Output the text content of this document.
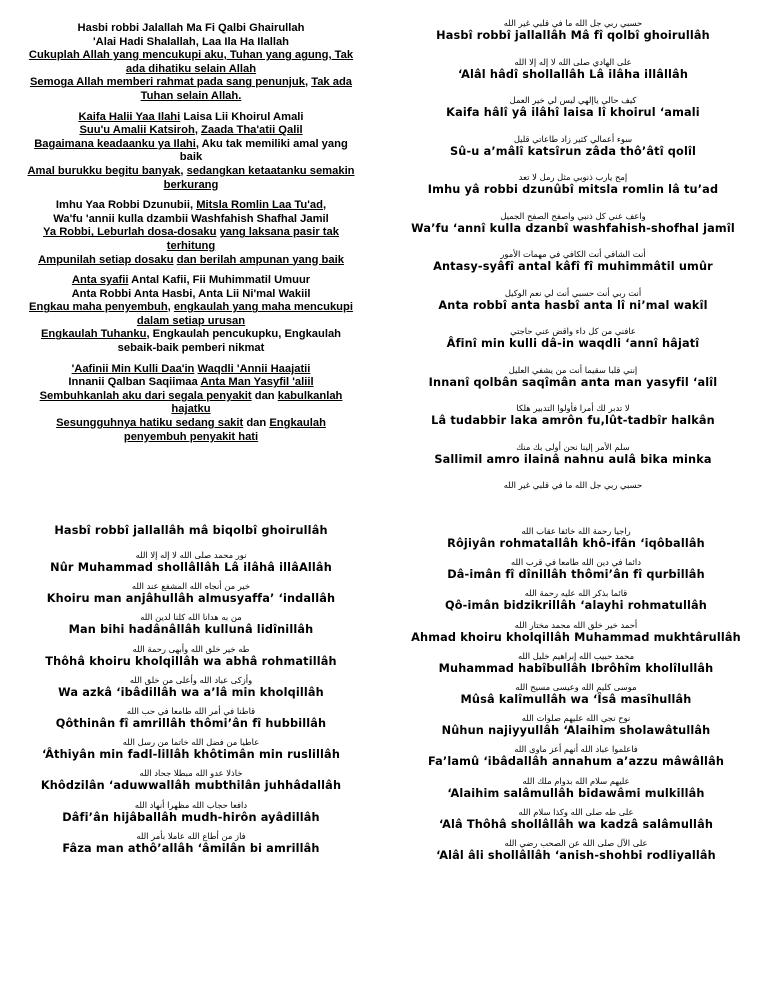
Hasbi robbi Jalallah Ma Fi Qalbi Ghairullah
'Alai Hadi Shalallah, Laa Ila Ha Ilallah
Cukuplah Allah yang mencukupi aku, Tuhan yang agung, Tak
ada dihatiku selain Allah
Semoga Allah memberi rahmat pada sang penunjuk, Tak ada
Tuhan selain Allah.
Kaifa Halii Yaa Ilahi Laisa Lii Khoirul Amali
Suu'u Amalii Katsiroh, Zaada Tha'atii Qalil
Bagaimana keadaanku ya Ilahi, Aku tak memiliki amal yang
baik
Amal burukku begitu banyak, sedangkan ketaatanku semakin
berkurang
Imhu Yaa Robbi Dzunubii, Mitsla Romlin Laa Tu'ad,
Wa'fu 'annii kulla dzambii Washfahish Shafhal Jamil
Ya Robbi, Leburlah dosa-dosaku yang laksana pasir tak
terhitung
Ampunilah setiap dosaku dan berilah ampunan yang baik
Anta syafii Antal Kafii, Fii Muhimmatil Umuur
Anta Robbi Anta Hasbi, Anta Lii Ni'mal Wakiil
Engkau maha penyembuh, engkaulah yang maha mencukupi
dalam setiap urusan
Engkaulah Tuhanku, Engkaulah pencukupku, Engkaulah
sebaik-baik pemberi nikmat
'Aafinii Min Kulli Daa'in Waqdli 'Annii Haajatii
Innanii Qalban Saqiimaa Anta Man Yasyfil 'aliil
Sembuhkanlah aku dari segala penyakit dan kabulkanlah
hajatku
Sesungguhnya hatiku sedang sakit dan Engkaulah
penyembuh penyakit hati
حسبي ربي جل الله ما في قلبي غير الله
Hasbî robbî jallallâh Mâ fî qolbî ghoirullâh
على الهادي صلى الله لا إله إلا الله
‘Alâl hâdî shollallâh Lâ ilâha illâllâh
كيف حالي ياإلهي ليس لي خير العمل
Kaifa hâlî yâ ilâhî laisa lî khoirul ‘amali
سوء أعمالي كثير زاد طاعاتي قليل
Sû-u a’mâlî katsîrun zâda thô’âtî qolîl
إمح يارب ذنوبي مثل رمل لا تعد
Imhu yâ robbi dzunûbî mitsla romlin lâ tu’ad
واعف عني كل ذنبي واصفح الصفح الجميل
Wa’fu ‘annî kulla dzanbî washfahish-shofhal jamîl
أنت الشافي أنت الكافي في مهمات الأمور
Antasy-syâfî antal kâfî fî muhimmâtil umûr
أنت ربي أنت حسبي أنت لي نعم الوكيل
Anta robbî anta hasbî anta lî ni’mal wakîl
عافني من كل داء واقض عني حاجتي
Âfinî min kulli dâ-in waqdli ‘annî hâjatî
إنني قلبا سقيما أنت من يشفي العليل
Innanî qolbân saqîmân anta man yasyfil ‘alîl
لا تدبر لك أمرا فأولوا التدبير هلكا
Lâ tudabbir laka amrôn fu,lût-tadbîr halkân
سلم الأمر إلينا نحن أولى بك منك
Sallimil amro ilainâ nahnu aulâ bika minka
حسبي ربي جل الله ما في قلبي غير الله
Hasbî robbî jallallâh mâ biqolbî ghoirullâh
نور محمد صلى الله لا إله إلا الله
Nûr Muhammad shollâllâh Lâ ilâhâ illâAllâh
خير من أنجاه الله المشفع عند الله
Khoiru man anjâhullâh almusyaffa’ ‘indallâh
من به هدانا الله كلنا لدين الله
Man bihi hadânâllâh kullunâ lidînillâh
طه خير خلق الله وأبهى رحمة الله
Thôhâ khoiru kholqillâh wa abhâ rohmatillâh
وأزكى عباد الله وأعلى من خلق الله
Wa azkâ ‘ibâdillâh wa a’lâ min kholqillâh
قاطنا في أمر الله طامعا في حب الله
Qôthinân fî amrillâh thômi’ân fî hubbillâh
عاطيا من فضل الله خاتما من رسل الله
‘Âthiyân min fadl-lillâh khôtimân min ruslillâh
خاذلا عدو الله مبطلا جحاد الله
Khôdzilân ‘aduwwallâh mubthilân juhhâdallâh
دافعا حجاب الله مظهرا أنهاد الله
Dâfi’ân hijâballâh mudh-hirôn ayâdillâh
فاز من أطاع الله عاملا بأمر الله
Fâza man athô’allâh ‘âmilân bi amrillâh
راجيا رحمة الله خائفا عقاب الله
Rôjiyân rohmatallâh khô-ifân ‘iqôballâh
دائما في دين الله طامعا في قرب الله
Dâ-imân fî dînillâh thômi’ân fî qurbillâh
قائما بذكر الله عليه رحمة الله
Qô-imân bidzikrillâh ‘alayhi rohmatullâh
أحمد خير خلق الله محمد مختار الله
Ahmad khoiru kholqillâh Muhammad mukhtârullâh
محمد حبيب الله إبراهيم خليل الله
Muhammad habîbullâh Ibrôhîm kholîlullâh
موسى كليم الله وعيسى مسيح الله
Mûsâ kalîmullâh wa ‘Îsâ masîhullâh
نوح نجي الله عليهم صلوات الله
Nûhun najiyyullâh ‘Alaihim sholawâtullâh
فاعلموا عباد الله أنهم أعز ماوى الله
Fa’lamû ‘ibâdallâh annahum a’azzu mâwâllâh
عليهم سلام الله بدوام ملك الله
‘Alaihim salâmullâh bidawâmi mulkillâh
على طه صلى الله وكذا سلام الله
‘Alâ Thôhâ shollâllâh wa kadzâ salâmullâh
على الآل صلى الله عن الصحب رضي الله
‘Alâl âli shollâllâh ‘anish-shohbi rodliyallâh
